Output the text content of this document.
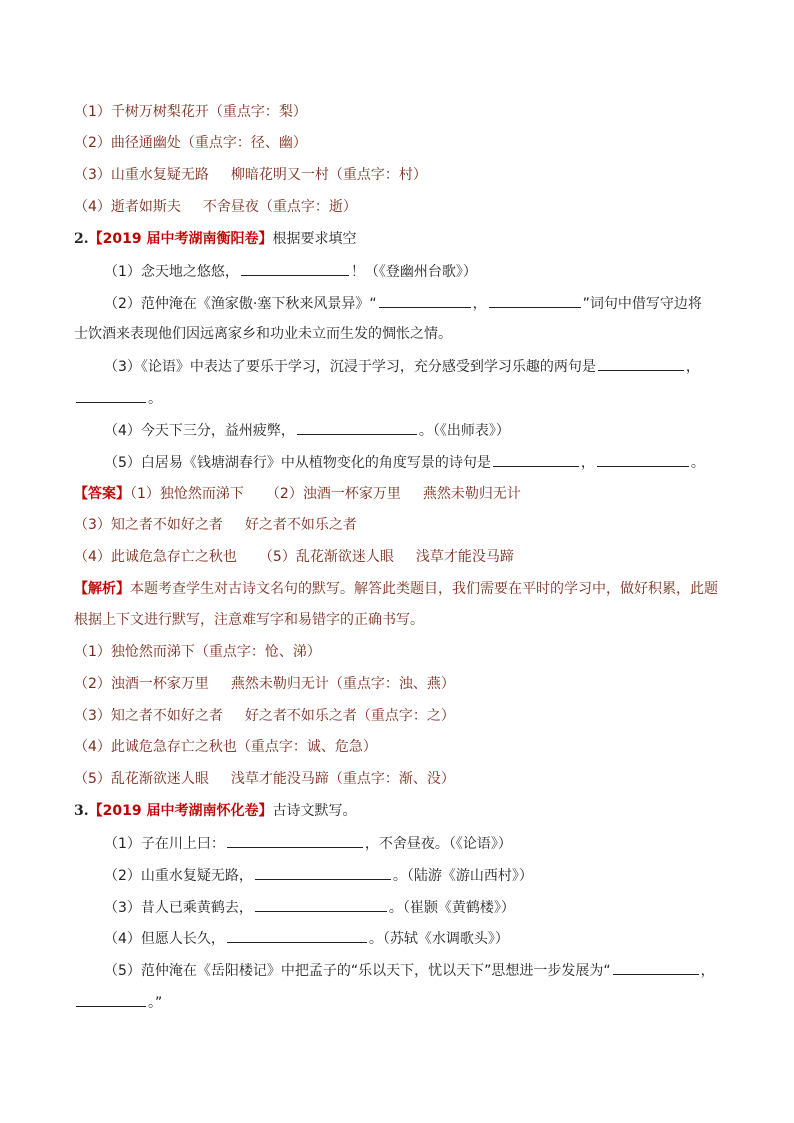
（1）千树万树梨花开（重点字：梨）
（2）曲径通幽处（重点字：径、幽）
（3）山重水复疑无路 柳暗花明又一村（重点字：村）
（4）逝者如斯夫 不舍昼夜（重点字：逝）
2.【2019 届中考湖南衡阳卷】根据要求填空
（1）念天地之悠悠，	！（《登幽州台歌》）
（2）范仲淹在《渔家傲·塞下秋来风景异》“	，	”词句中借写守边将
士饮酒来表现他们因远离家乡和功业未立而生发的惆怅之情。
（3）《论语》中表达了要乐于学习，沉浸于学习，充分感受到学习乐趣的两句是	，
。
（4）今天下三分，益州疲弊，	。（《出师表》）
（5）白居易《钱塘湖春行》中从植物变化的角度写景的诗句是	，	。
【答案】（1）独怆然而涕下 （2）浊酒一杯家万里 燕然未勒归无计
（3）知之者不如好之者 好之者不如乐之者
（4）此诚危急存亡之秋也 （5）乱花渐欲迷人眼 浅草才能没马蹄
【解析】本题考查学生对古诗文名句的默写。解答此类题目，我们需要在平时的学习中，做好积累，此题
根据上下文进行默写，注意难写字和易错字的正确书写。
（1）独怆然而涕下（重点字：怆、涕）
（2）浊酒一杯家万里 燕然未勒归无计（重点字：浊、燕）
（3）知之者不如好之者 好之者不如乐之者（重点字：之）
（4）此诚危急存亡之秋也（重点字：诚、危急）
（5）乱花渐欲迷人眼 浅草才能没马蹄（重点字：渐、没）
3.【2019 届中考湖南怀化卷】古诗文默写。
（1）子在川上曰：	，不舍昼夜。（《论语》）
（2）山重水复疑无路，	。（陆游《游山西村》）
（3）昔人已乘黄鹤去，	。（崔颢《黄鹤楼》）
（4）但愿人长久，	。（苏轼《水调歌头》）
（5）范仲淹在《岳阳楼记》中把孟子的“乐以天下，忧以天下”思想进一步发展为“	，
。”
